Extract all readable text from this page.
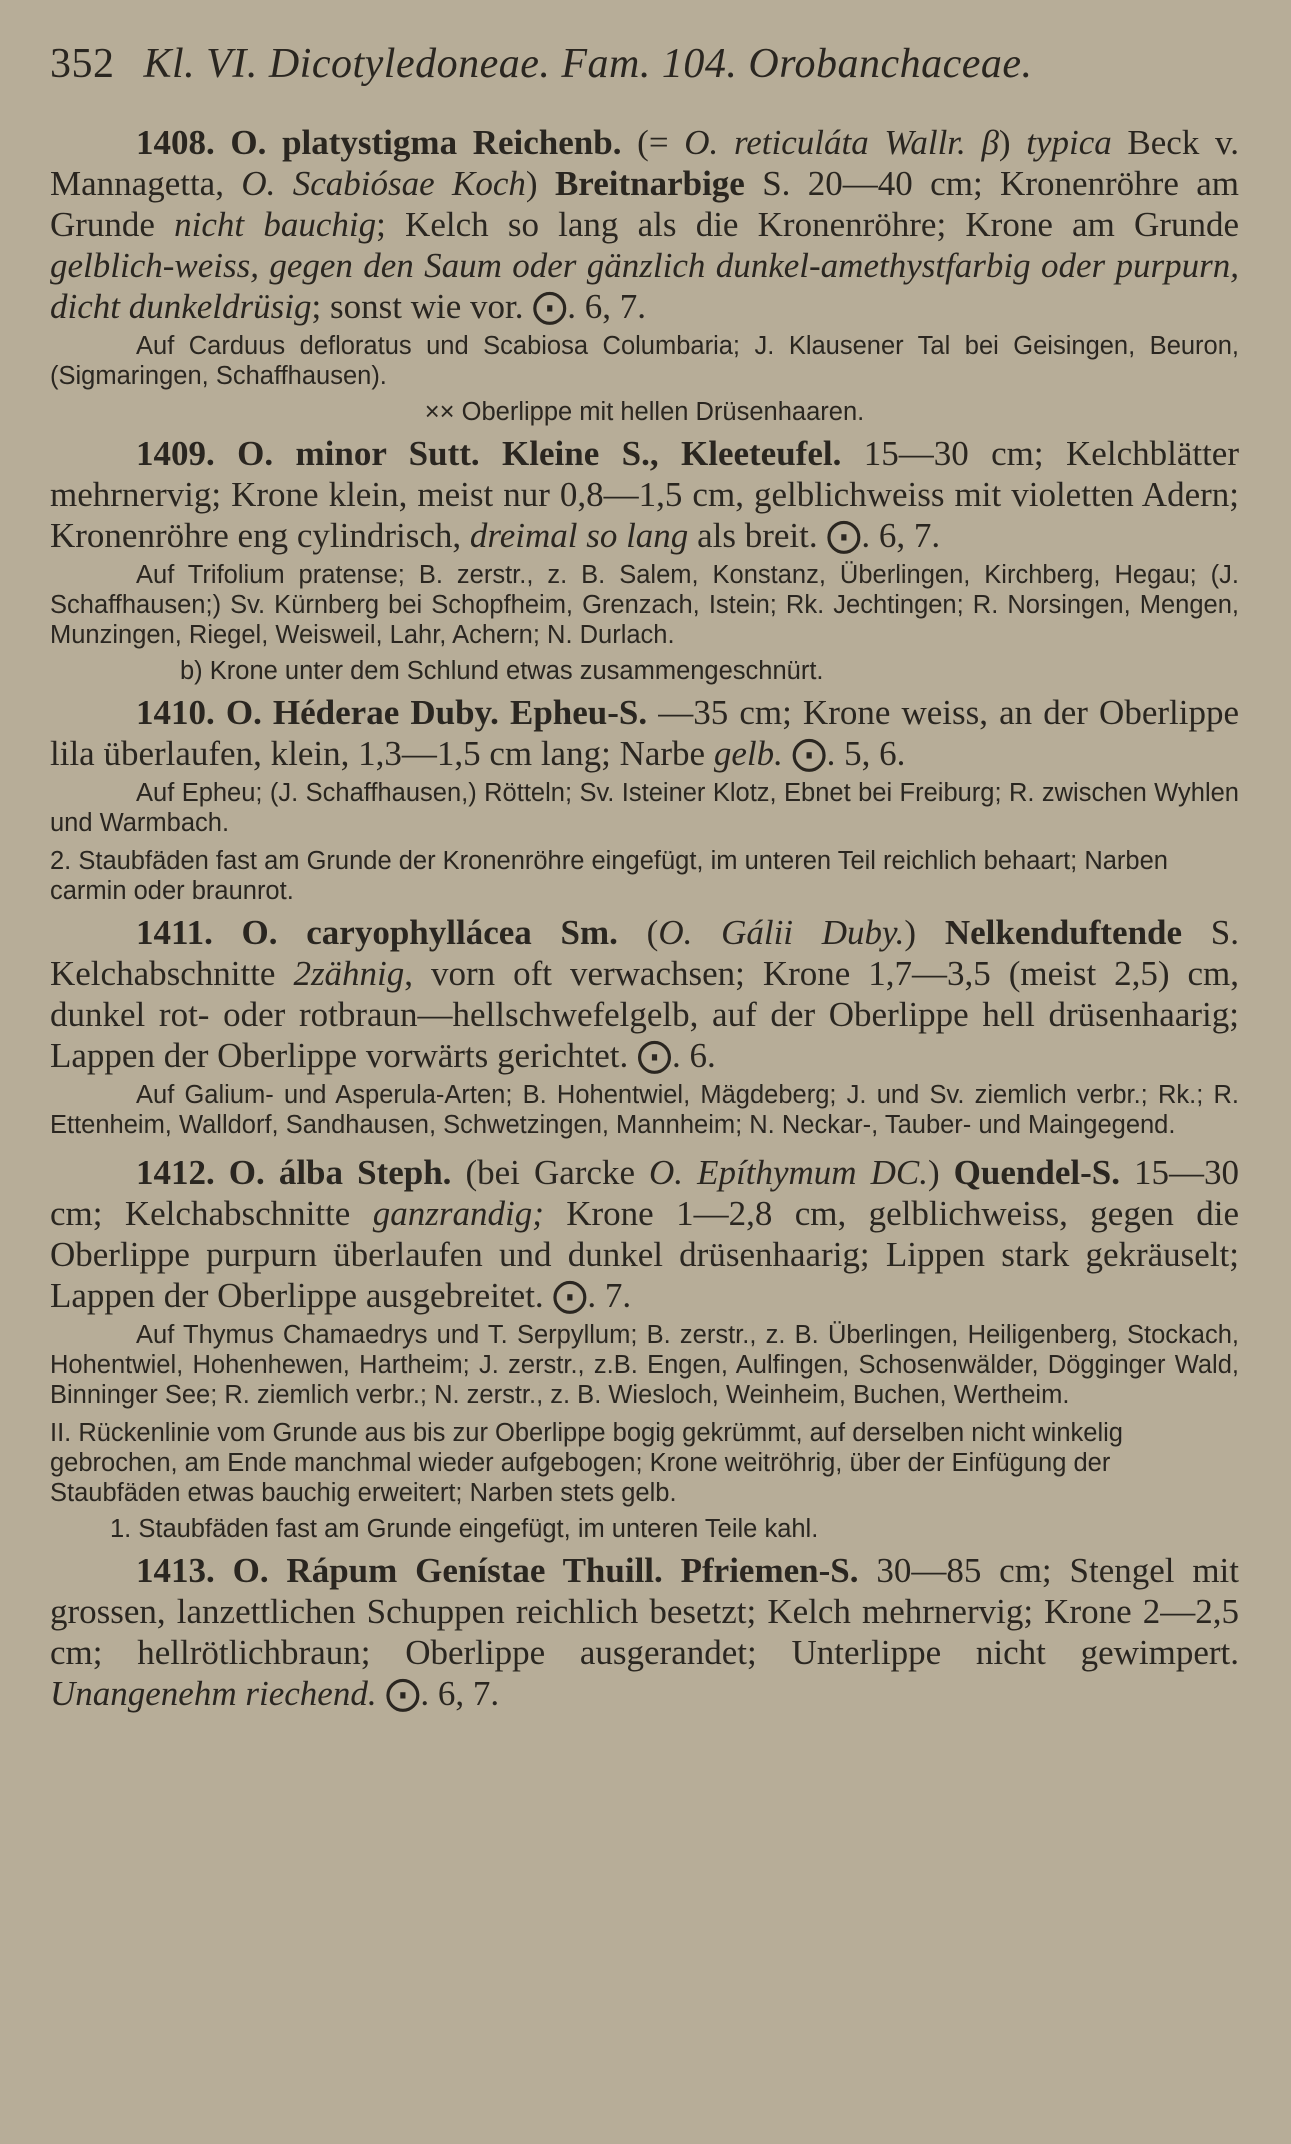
352 Kl. VI. Dicotyledoneae. Fam. 104. Orobanchaceae.

1408. O. platystigma Reichenb. (= O. reticuláta Wallr. β) typica Beck v. Mannagetta, O. Scabiósae Koch) Breitnarbige S. 20—40 cm; Kronenröhre am Grunde nicht bauchig; Kelch so lang als die Kronenröhre; Krone am Grunde gelblich-weiss, gegen den Saum oder gänzlich dunkel-amethystfarbig oder purpurn, dicht dunkeldrüsig; sonst wie vor. ⨀. 6, 7.

Auf Carduus defloratus und Scabiosa Columbaria; J. Klausener Tal bei Geisingen, Beuron, (Sigmaringen, Schaffhausen).

×× Oberlippe mit hellen Drüsenhaaren.

1409. O. minor Sutt. Kleine S., Kleeteufel. 15—30 cm; Kelchblätter mehrnervig; Krone klein, meist nur 0,8—1,5 cm, gelblichweiss mit violetten Adern; Kronenröhre eng cylindrisch, dreimal so lang als breit. ⨀. 6, 7.

Auf Trifolium pratense; B. zerstr., z. B. Salem, Konstanz, Überlingen, Kirchberg, Hegau; (J. Schaffhausen;) Sv. Kürnberg bei Schopfheim, Grenzach, Istein; Rk. Jechtingen; R. Norsingen, Mengen, Munzingen, Riegel, Weisweil, Lahr, Achern; N. Durlach.

b) Krone unter dem Schlund etwas zusammengeschnürt.

1410. O. Héderae Duby. Epheu-S. —35 cm; Krone weiss, an der Oberlippe lila überlaufen, klein, 1,3—1,5 cm lang; Narbe gelb. ⨀. 5, 6.

Auf Epheu; (J. Schaffhausen,) Rötteln; Sv. Isteiner Klotz, Ebnet bei Freiburg; R. zwischen Wyhlen und Warmbach.

2. Staubfäden fast am Grunde der Kronenröhre eingefügt, im unteren Teil reichlich behaart; Narben carmin oder braunrot.

1411. O. caryophyllácea Sm. (O. Gálii Duby.) Nelkenduftende S. Kelchabschnitte 2zähnig, vorn oft verwachsen; Krone 1,7—3,5 (meist 2,5) cm, dunkel rot- oder rotbraun—hellschwefelgelb, auf der Oberlippe hell drüsenhaarig; Lappen der Oberlippe vorwärts gerichtet. ⨀. 6.

Auf Galium- und Asperula-Arten; B. Hohentwiel, Mägdeberg; J. und Sv. ziemlich verbr.; Rk.; R. Ettenheim, Walldorf, Sandhausen, Schwetzingen, Mannheim; N. Neckar-, Tauber- und Maingegend.

1412. O. álba Steph. (bei Garcke O. Epíthymum DC.) Quendel-S. 15—30 cm; Kelchabschnitte ganzrandig; Krone 1—2,8 cm, gelblichweiss, gegen die Oberlippe purpurn überlaufen und dunkel drüsenhaarig; Lippen stark gekräuselt; Lappen der Oberlippe ausgebreitet. ⨀. 7.

Auf Thymus Chamaedrys und T. Serpyllum; B. zerstr., z. B. Überlingen, Heiligenberg, Stockach, Hohentwiel, Hohenhewen, Hartheim; J. zerstr., z.B. Engen, Aulfingen, Schosenwälder, Dögginger Wald, Binninger See; R. ziemlich verbr.; N. zerstr., z. B. Wiesloch, Weinheim, Buchen, Wertheim.

II. Rückenlinie vom Grunde aus bis zur Oberlippe bogig gekrümmt, auf derselben nicht winkelig gebrochen, am Ende manchmal wieder aufgebogen; Krone weitröhrig, über der Einfügung der Staubfäden etwas bauchig erweitert; Narben stets gelb.

1. Staubfäden fast am Grunde eingefügt, im unteren Teile kahl.

1413. O. Rápum Genístae Thuill. Pfriemen-S. 30—85 cm; Stengel mit grossen, lanzettlichen Schuppen reichlich besetzt; Kelch mehrnervig; Krone 2—2,5 cm; hellrötlichbraun; Oberlippe ausgerandet; Unterlippe nicht gewimpert. Unangenehm riechend. ⨀. 6, 7.
